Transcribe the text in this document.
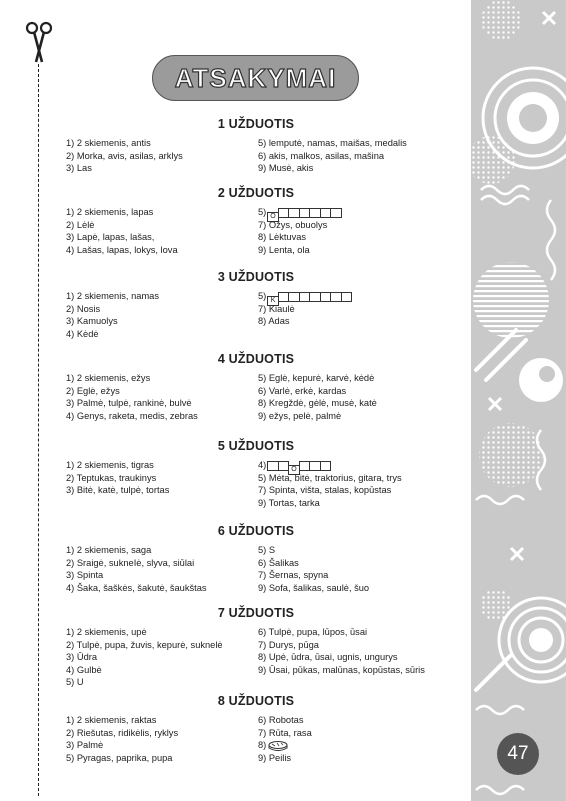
ATSAKYMAI
1 UŽDUOTIS
1) 2 skiemenis, antis
2) Morka, avis, asilas, arklys
3) Las
5) lemputė, namas, maišas, medalis
6) akis, malkos, asilas, mašina
9) Musė, akis
2 UŽDUOTIS
1) 2 skiemenis, lapas
2) Lėlė
3) Lapė, lapas, lašas,
4) Lašas, lapas, lokys, lova
5) O
7) Ožys, obuolys
8) Lėktuvas
9) Lenta, ola
3 UŽDUOTIS
1) 2 skiemenis, namas
2) Nosis
3) Kamuolys
4) Kėdė
5) K
7) Kiaulė
8) Adas
4 UŽDUOTIS
1) 2 skiemenis, ežys
2) Eglė, ežys
3) Palmė, tulpė, rankinė, bulvė
4) Genys, raketa, medis, zebras
5) Eglė, kepurė, karvė, kėdė
6) Varlė, erkė, kardas
8) Kregždė, gėlė, musė, katė
9) ežys, pelė, palmė
5 UŽDUOTIS
1) 2 skiemenis, tigras
2) Teptukas, traukinys
3) Bitė, katė, tulpė, tortas
4)	O
5) Mėta, bitė, traktorius, gitara, trys
7) Spinta, višta, stalas, kopūstas
9) Tortas, tarka
6 UŽDUOTIS
1) 2 skiemenis, saga
2) Sraigė, sukneIė, slyva, siūlai
3) Spinta
4) Šaka, šaškės, šakutė, šaukštas
5) S
6) Šalikas
7) Šernas, spyna
9) Sofa, šalikas, saulė, šuo
7 UŽDUOTIS
1) 2 skiemenis, upė
2) Tulpė, pupa, žuvis, kepurė, suknelė
3) Ūdra
4) Gulbė
5) U
6) Tulpė, pupa, lūpos, ūsai
7) Durys, pūga
8) Upė, ūdra, ūsai, ugnis, ungurys
9) Ūsai, pūkas, malūnas, kopūstas, sūris
8 UŽDUOTIS
1) 2 skiemenis, raktas
2) Riešutas, ridikėlis, ryklys
3) Palmė
5) Pyragas, paprika, pupa
6) Robotas
7) Rūta, rasa
8)
9) Peilis	47
